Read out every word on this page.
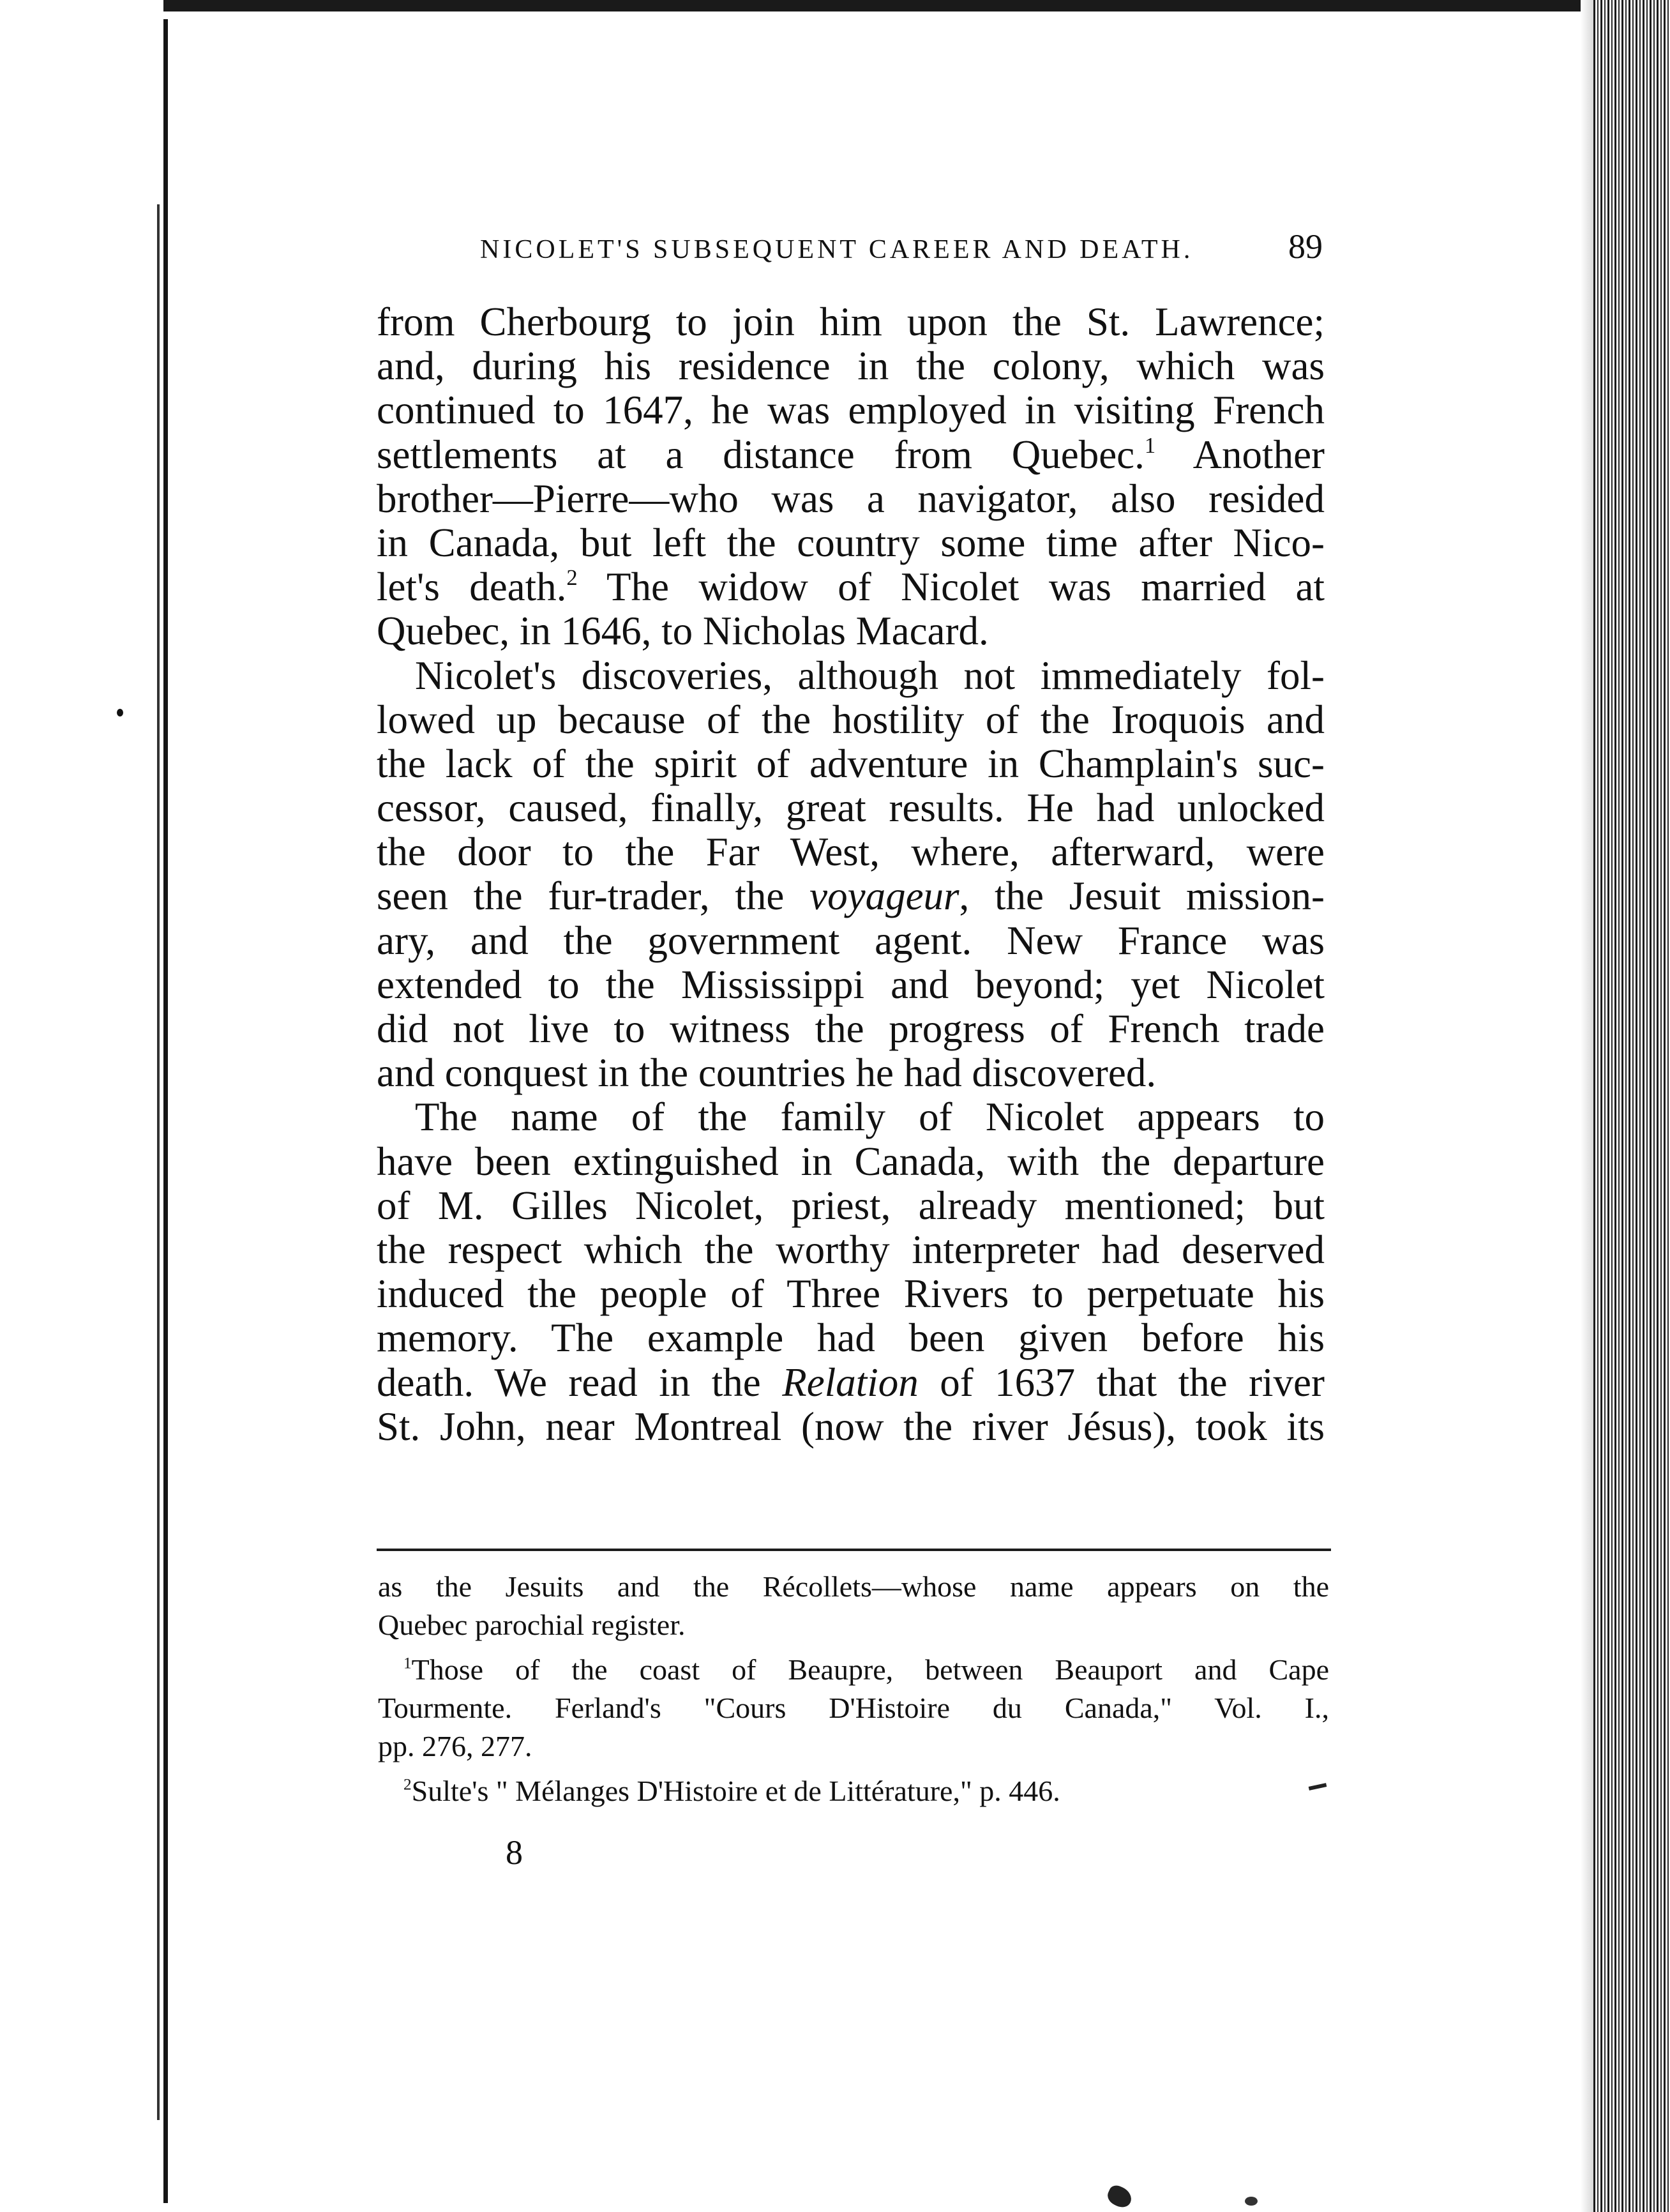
NICOLET'S SUBSEQUENT CAREER AND DEATH.	89
from Cherbourg to join him upon the St. Lawrence;
and, during his residence in the colony, which was
continued to 1647, he was employed in visiting French
settlements at a distance from Quebec.$^1$ Another
brother—Pierre—who was a navigator, also resided
in Canada, but left the country some time after Nico-
let's death.$^2$ The widow of Nicolet was married at
Quebec, in 1646, to Nicholas Macard.
Nicolet's discoveries, although not immediately fol-
lowed up because of the hostility of the Iroquois and
the lack of the spirit of adventure in Champlain's suc-
cessor, caused, finally, great results. He had unlocked
the door to the Far West, where, afterward, were
seen the fur-trader, the voyageur, the Jesuit mission-
ary, and the government agent. New France was
extended to the Mississippi and beyond; yet Nicolet
did not live to witness the progress of French trade
and conquest in the countries he had discovered.
The name of the family of Nicolet appears to
have been extinguished in Canada, with the departure
of M. Gilles Nicolet, priest, already mentioned; but
the respect which the worthy interpreter had deserved
induced the people of Three Rivers to perpetuate his
memory. The example had been given before his
death. We read in the Relation of 1637 that the river
St. John, near Montreal (now the river Jésus), took its
as the Jesuits and the Récollets—whose name appears on the
Quebec parochial register.
$^1$Those of the coast of Beaupre, between Beauport and Cape
Tourmente. Ferland's "Cours D'Histoire du Canada," Vol. I.,
pp. 276, 277.
$^2$Sulte's " Mélanges D'Histoire et de Littérature," p. 446.
8
